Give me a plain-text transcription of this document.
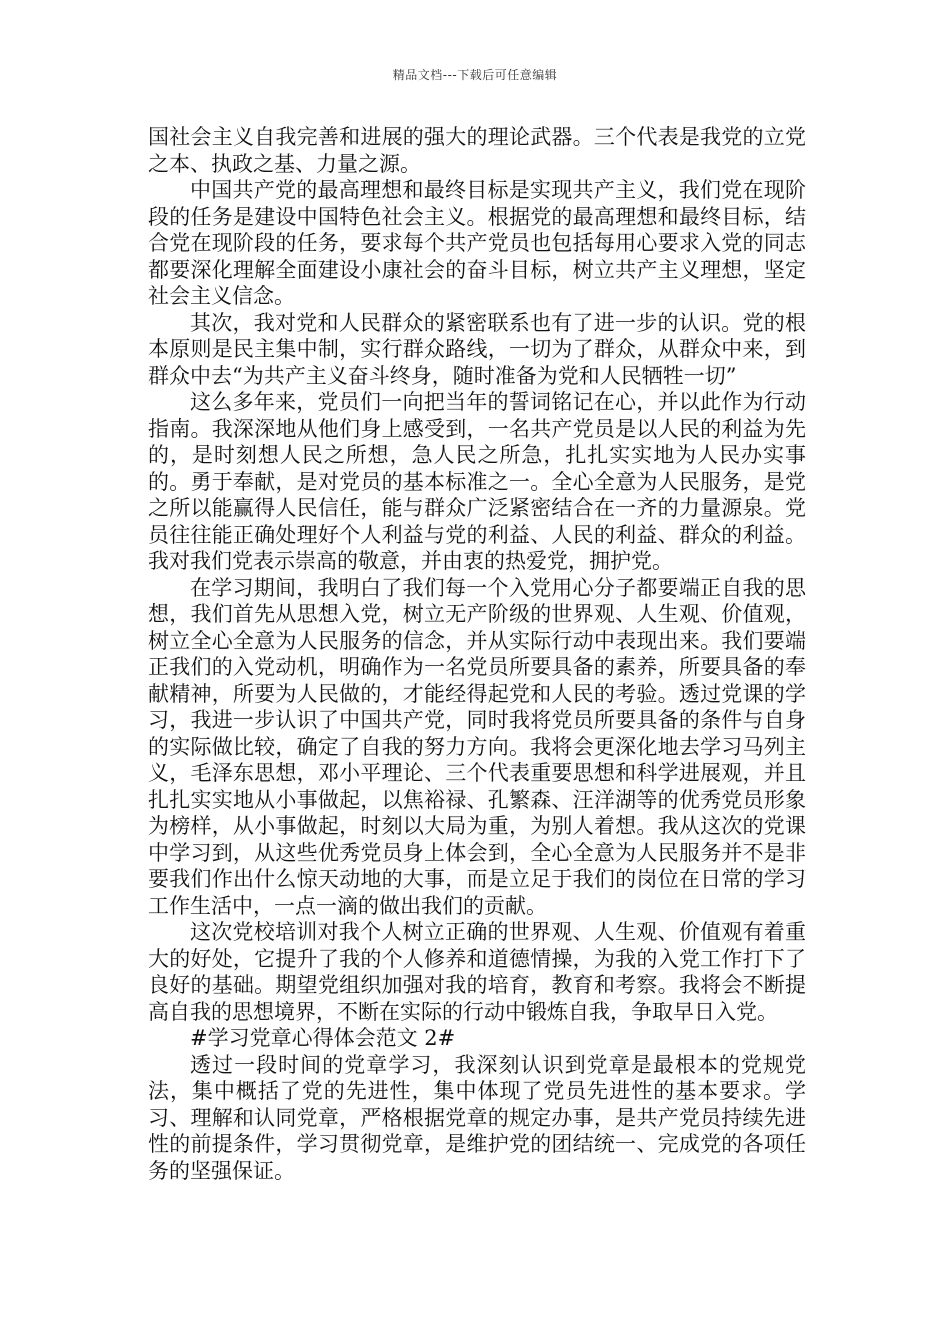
精品文档---下载后可任意编辑

国社会主义自我完善和进展的强大的理论武器。三个代表是我党的立党之本、执政之基、力量之源。

中国共产党的最高理想和最终目标是实现共产主义，我们党在现阶段的任务是建设中国特色社会主义。根据党的最高理想和最终目标，结合党在现阶段的任务，要求每个共产党员也包括每用心要求入党的同志都要深化理解全面建设小康社会的奋斗目标，树立共产主义理想，坚定社会主义信念。

其次，我对党和人民群众的紧密联系也有了进一步的认识。党的根本原则是民主集中制，实行群众路线，一切为了群众，从群众中来，到群众中去“为共产主义奋斗终身，随时准备为党和人民牺牲一切”

这么多年来，党员们一向把当年的誓词铭记在心，并以此作为行动指南。我深深地从他们身上感受到，一名共产党员是以人民的利益为先的，是时刻想人民之所想，急人民之所急，扎扎实实地为人民办实事的。勇于奉献，是对党员的基本标准之一。全心全意为人民服务，是党之所以能赢得人民信任，能与群众广泛紧密结合在一齐的力量源泉。党员往往能正确处理好个人利益与党的利益、人民的利益、群众的利益。我对我们党表示崇高的敬意，并由衷的热爱党，拥护党。

在学习期间，我明白了我们每一个入党用心分子都要端正自我的思想，我们首先从思想入党，树立无产阶级的世界观、人生观、价值观，树立全心全意为人民服务的信念，并从实际行动中表现出来。我们要端正我们的入党动机，明确作为一名党员所要具备的素养，所要具备的奉献精神，所要为人民做的，才能经得起党和人民的考验。透过党课的学习，我进一步认识了中国共产党，同时我将党员所要具备的条件与自身的实际做比较，确定了自我的努力方向。我将会更深化地去学习马列主义，毛泽东思想，邓小平理论、三个代表重要思想和科学进展观，并且扎扎实实地从小事做起，以焦裕禄、孔繁森、汪洋湖等的优秀党员形象为榜样，从小事做起，时刻以大局为重，为别人着想。我从这次的党课中学习到，从这些优秀党员身上体会到，全心全意为人民服务并不是非要我们作出什么惊天动地的大事，而是立足于我们的岗位在日常的学习工作生活中，一点一滴的做出我们的贡献。

这次党校培训对我个人树立正确的世界观、人生观、价值观有着重大的好处，它提升了我的个人修养和道德情操，为我的入党工作打下了良好的基础。期望党组织加强对我的培育，教育和考察。我将会不断提高自我的思想境界，不断在实际的行动中锻炼自我，争取早日入党。

#学习党章心得体会范文 2#

透过一段时间的党章学习，我深刻认识到党章是最根本的党规党法，集中概括了党的先进性，集中体现了党员先进性的基本要求。学习、理解和认同党章，严格根据党章的规定办事，是共产党员持续先进性的前提条件，学习贯彻党章，是维护党的团结统一、完成党的各项任务的坚强保证。
